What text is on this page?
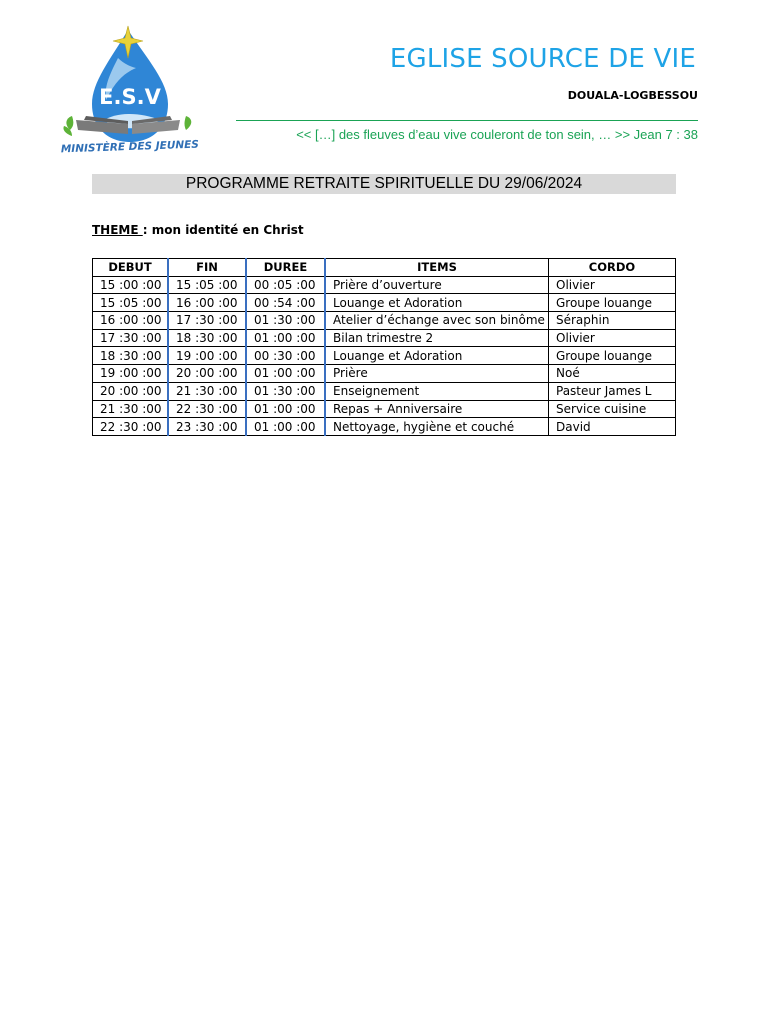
E.S.V
MINISTÈRE DES JEUNES
EGLISE SOURCE DE VIE
DOUALA-LOGBESSOU
<< […] des fleuves d’eau vive couleront de ton sein, … >> Jean 7 : 38
PROGRAMME RETRAITE SPIRITUELLE DU 29/06/2024
THEME : mon identité en Christ
DEBUT	FIN	DUREE	ITEMS	CORDO
15 :00 :00	15 :05 :00	00 :05 :00	Prière d’ouverture	Olivier
15 :05 :00	16 :00 :00	00 :54 :00	Louange et Adoration	Groupe louange
16 :00 :00	17 :30 :00	01 :30 :00	Atelier d’échange avec son binôme	Séraphin
17 :30 :00	18 :30 :00	01 :00 :00	Bilan trimestre 2	Olivier
18 :30 :00	19 :00 :00	00 :30 :00	Louange et Adoration	Groupe louange
19 :00 :00	20 :00 :00	01 :00 :00	Prière	Noé
20 :00 :00	21 :30 :00	01 :30 :00	Enseignement	Pasteur James L
21 :30 :00	22 :30 :00	01 :00 :00	Repas + Anniversaire	Service cuisine
22 :30 :00	23 :30 :00	01 :00 :00	Nettoyage, hygiène et couché	David
